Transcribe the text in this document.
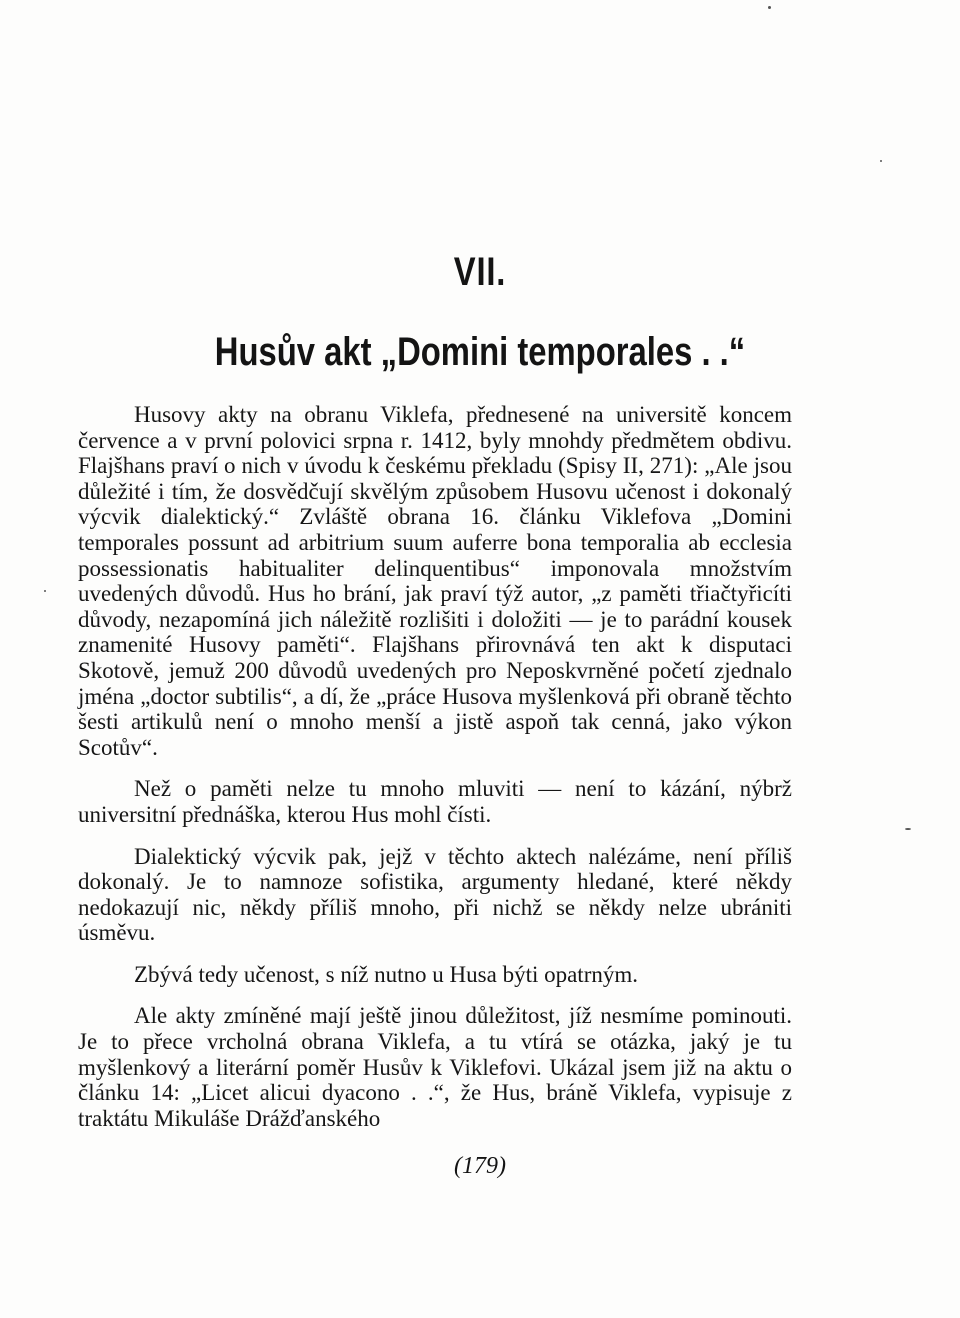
VII.
Husův akt „Domini temporales . .“

Husovy akty na obranu Viklefa, přednesené na universitě koncem července a v první polovici srpna r. 1412, byly mnohdy předmětem obdivu. Flajšhans praví o nich v úvodu k českému překladu (Spisy II, 271): „Ale jsou důležité i tím, že dosvědčují skvělým způsobem Husovu učenost i dokonalý výcvik dialektický.“ Zvláště obrana 16. článku Viklefova „Domini temporales possunt ad arbitrium suum auferre bona temporalia ab ecclesia possessionatis habitualiter delinquentibus“ imponovala množstvím uvedených důvodů. Hus ho brání, jak praví týž autor, „z paměti třiačtyřicíti důvody, nezapomíná jich náležitě rozlišiti i doložiti — je to parádní kousek znamenité Husovy paměti“. Flajšhans přirovnává ten akt k disputaci Skotově, jemuž 200 důvodů uvedených pro Neposkvrněné početí zjednalo jména „doctor subtilis“, a dí, že „práce Husova myšlenková při obraně těchto šesti artikulů není o mnoho menší a jistě aspoň tak cenná, jako výkon Scotův“.

Než o paměti nelze tu mnoho mluviti — není to kázání, nýbrž universitní přednáška, kterou Hus mohl čísti.

Dialektický výcvik pak, jejž v těchto aktech nalézáme, není příliš dokonalý. Je to namnoze sofistika, argumenty hledané, které někdy nedokazují nic, někdy příliš mnoho, při nichž se někdy nelze ubrániti úsměvu.

Zbývá tedy učenost, s níž nutno u Husa býti opatrným.

Ale akty zmíněné mají ještě jinou důležitost, jíž nesmíme pominouti. Je to přece vrcholná obrana Viklefa, a tu vtírá se otázka, jaký je tu myšlenkový a literární poměr Husův k Viklefovi. Ukázal jsem již na aktu o článku 14: „Licet alicui dyacono . .“, že Hus, bráně Viklefa, vypisuje z traktátu Mikuláše Drážďanského

(179)
